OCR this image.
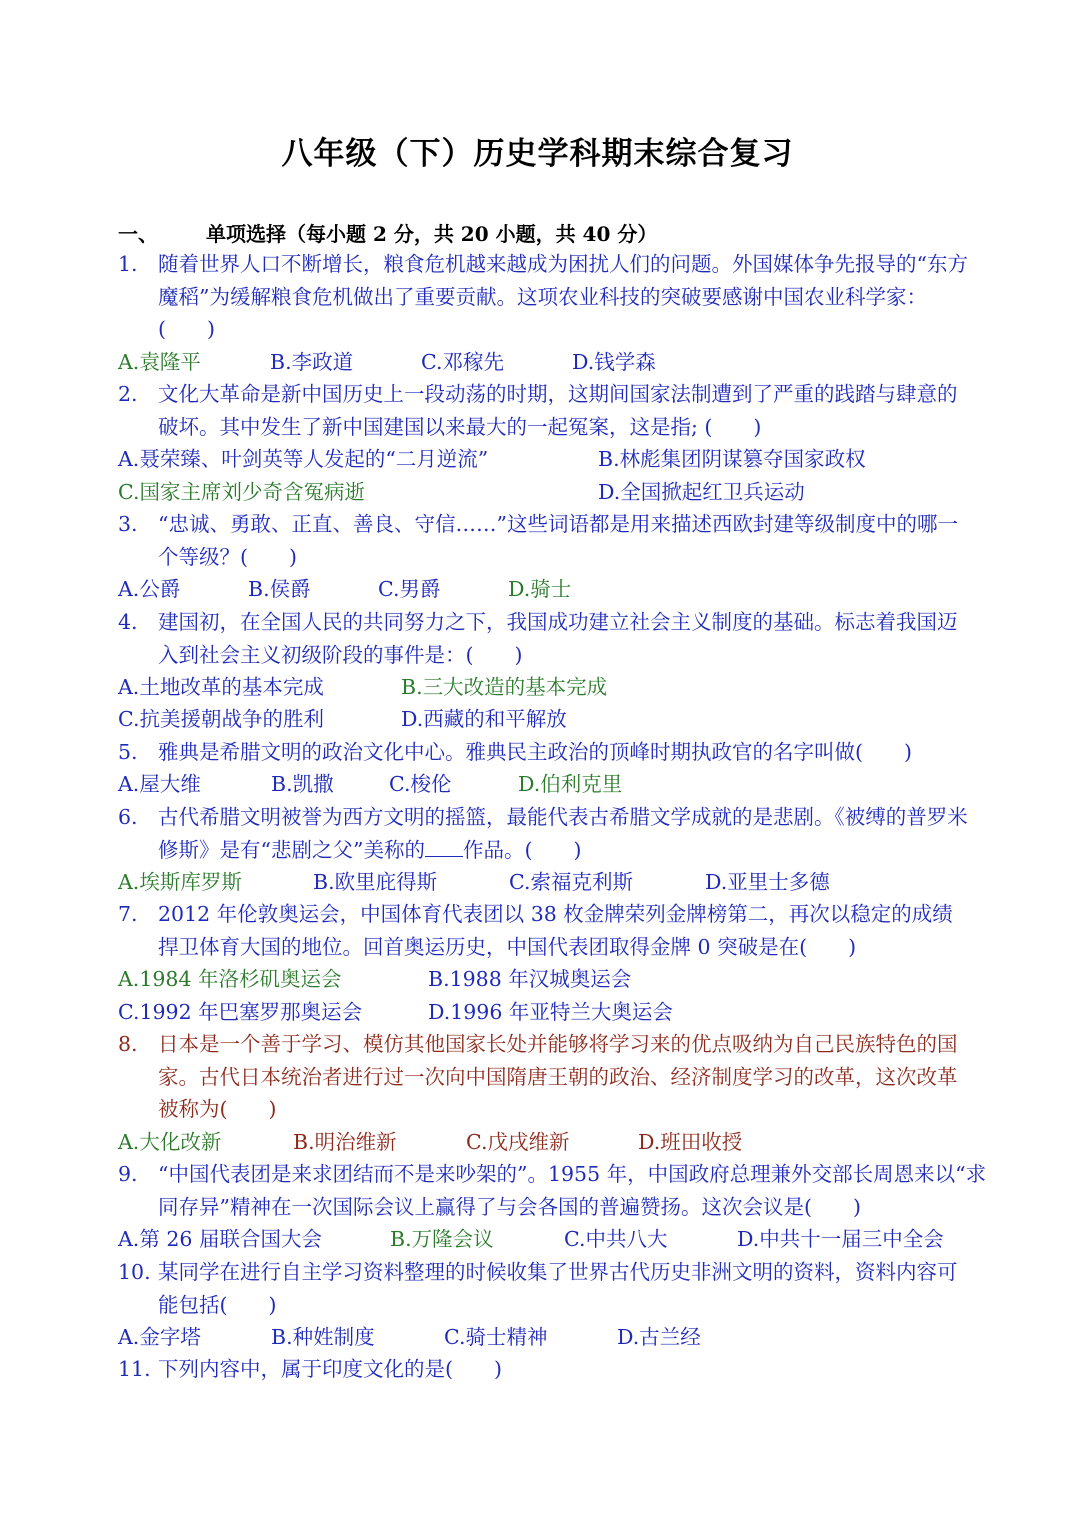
八年级（下）历史学科期末综合复习
一、 单项选择（每小题 2 分，共 20 小题，共 40 分）
1. 随着世界人口不断增长，粮食危机越来越成为困扰人们的问题。外国媒体争先报导的“东方魔稻”为缓解粮食危机做出了重要贡献。这项农业科技的突破要感谢中国农业科学家：(　　)
A.袁隆平	B.李政道	C.邓稼先	D.钱学森
2. 文化大革命是新中国历史上一段动荡的时期，这期间国家法制遭到了严重的践踏与肆意的破坏。其中发生了新中国建国以来最大的一起冤案，这是指; (　　)
A.聂荣臻、叶剑英等人发起的“二月逆流”	B.林彪集团阴谋篡夺国家政权
C.国家主席刘少奇含冤病逝	D.全国掀起红卫兵运动
3. “忠诚、勇敢、正直、善良、守信……”这些词语都是用来描述西欧封建等级制度中的哪一个等级？(　　)
A.公爵	B.侯爵	C.男爵	D.骑士
4. 建国初，在全国人民的共同努力之下，我国成功建立社会主义制度的基础。标志着我国迈入到社会主义初级阶段的事件是：(　　)
A.土地改革的基本完成	B.三大改造的基本完成
C.抗美援朝战争的胜利	D.西藏的和平解放
5. 雅典是希腊文明的政治文化中心。雅典民主政治的顶峰时期执政官的名字叫做(　　)
A.屋大维	B.凯撒	C.梭伦	D.伯利克里
6. 古代希腊文明被誉为西方文明的摇篮，最能代表古希腊文学成就的是悲剧。《被缚的普罗米修斯》是有“悲剧之父”美称的 作品。(　　)
A.埃斯库罗斯	B.欧里庇得斯	C.索福克利斯	D.亚里士多德
7. 2012 年伦敦奥运会，中国体育代表团以 38 枚金牌荣列金牌榜第二，再次以稳定的成绩捍卫体育大国的地位。回首奥运历史，中国代表团取得金牌 0 突破是在(　　)
A.1984 年洛杉矶奥运会	B.1988 年汉城奥运会
C.1992 年巴塞罗那奥运会	D.1996 年亚特兰大奥运会
8. 日本是一个善于学习、模仿其他国家长处并能够将学习来的优点吸纳为自己民族特色的国家。古代日本统治者进行过一次向中国隋唐王朝的政治、经济制度学习的改革，这次改革被称为(　　)
A.大化改新	B.明治维新	C.戊戌维新	D.班田收授
9. “中国代表团是来求团结而不是来吵架的”。1955 年，中国政府总理兼外交部长周恩来以“求同存异”精神在一次国际会议上赢得了与会各国的普遍赞扬。这次会议是(　　)
A.第 26 届联合国大会	B.万隆会议	C.中共八大	D.中共十一届三中全会
10. 某同学在进行自主学习资料整理的时候收集了世界古代历史非洲文明的资料，资料内容可能包括(　　)
A.金字塔	B.种姓制度	C.骑士精神	D.古兰经
11. 下列内容中，属于印度文化的是(　　)
